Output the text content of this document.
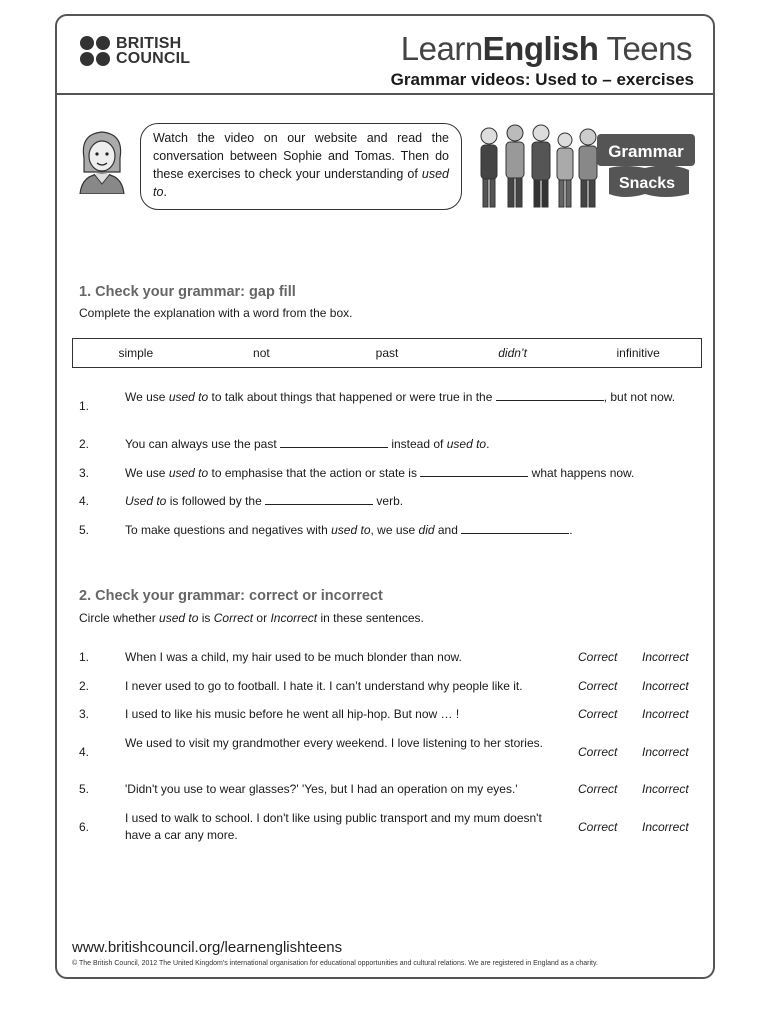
BRITISH
COUNCIL	LearnEnglish Teens
Grammar videos: Used to – exercises
Watch the video on our website and read the conversation between Sophie and Tomas. Then do these exercises to check your understanding of used to.
Grammar
Snacks
1. Check your grammar: gap fill
Complete the explanation with a word from the box.
simple	not	past	didn’t	infinitive
1.
We use used to to talk about things that happened or were true in the	, but not now.
2.	You can always use the past	instead of used to.
3.	We use used to to emphasise that the action or state is	what happens now.
4.	Used to is followed by the	verb.
5.	To make questions and negatives with used to, we use did and	.
2. Check your grammar: correct or incorrect
Circle whether used to is Correct or Incorrect in these sentences.
1.	When I was a child, my hair used to be much blonder than now.	Correct Incorrect
2.	I never used to go to football. I hate it. I can’t understand why people like it.	Correct Incorrect
3.	I used to like his music before he went all hip-hop. But now … !	Correct Incorrect
4.
We used to visit my grandmother every weekend. I love listening to her stories.
Correct Incorrect
5.	'Didn't you use to wear glasses?' 'Yes, but I had an operation on my eyes.'	Correct Incorrect
6.
I used to walk to school. I don't like using public transport and my mum doesn't have a car any more.
Correct Incorrect
www.britishcouncil.org/learnenglishteens
© The British Council, 2012 The United Kingdom’s international organisation for educational opportunities and cultural relations. We are registered in England as a charity.
